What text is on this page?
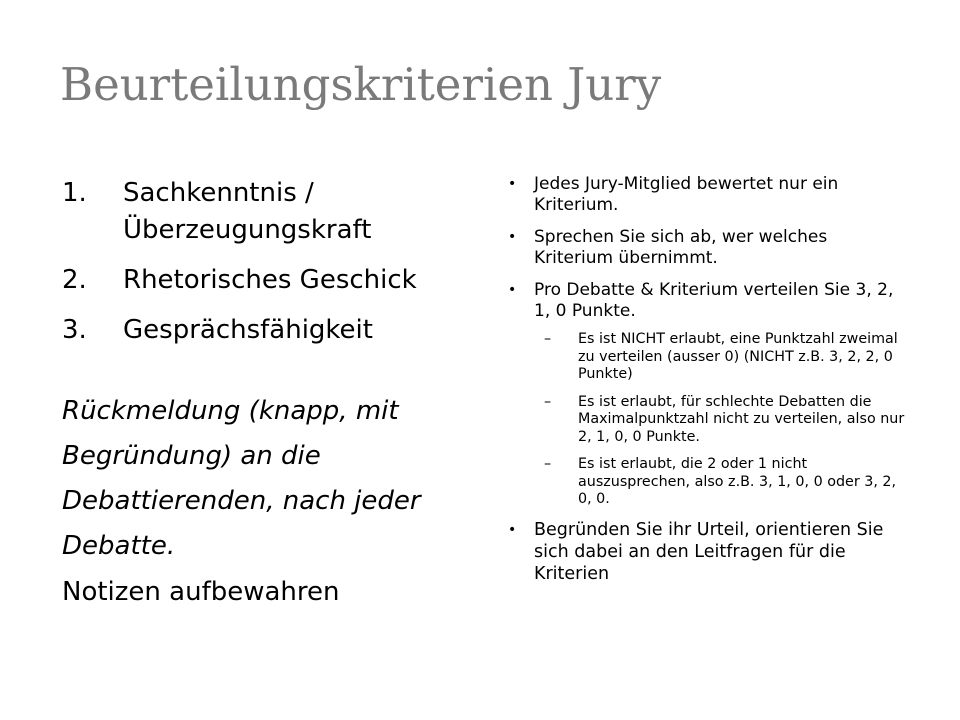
Beurteilungskriterien Jury
1.	Sachkenntnis / Überzeugungskraft
2.	Rhetorisches Geschick
3.	Gesprächsfähigkeit

Rückmeldung (knapp, mit Begründung) an die Debattierenden, nach jeder Debatte.

Notizen aufbewahren

•	Jedes Jury-Mitglied bewertet nur ein Kriterium.
•	Sprechen Sie sich ab, wer welches Kriterium übernimmt.
•	Pro Debatte & Kriterium verteilen Sie 3, 2, 1, 0 Punkte.
–	Es ist NICHT erlaubt, eine Punktzahl zweimal zu verteilen (ausser 0) (NICHT z.B. 3, 2, 2, 0 Punkte)
–	Es ist erlaubt, für schlechte Debatten die Maximalpunktzahl nicht zu verteilen, also nur 2, 1, 0, 0 Punkte.
–	Es ist erlaubt, die 2 oder 1 nicht auszusprechen, also z.B. 3, 1, 0, 0 oder 3, 2, 0, 0.
•	Begründen Sie ihr Urteil, orientieren Sie sich dabei an den Leitfragen für die Kriterien
